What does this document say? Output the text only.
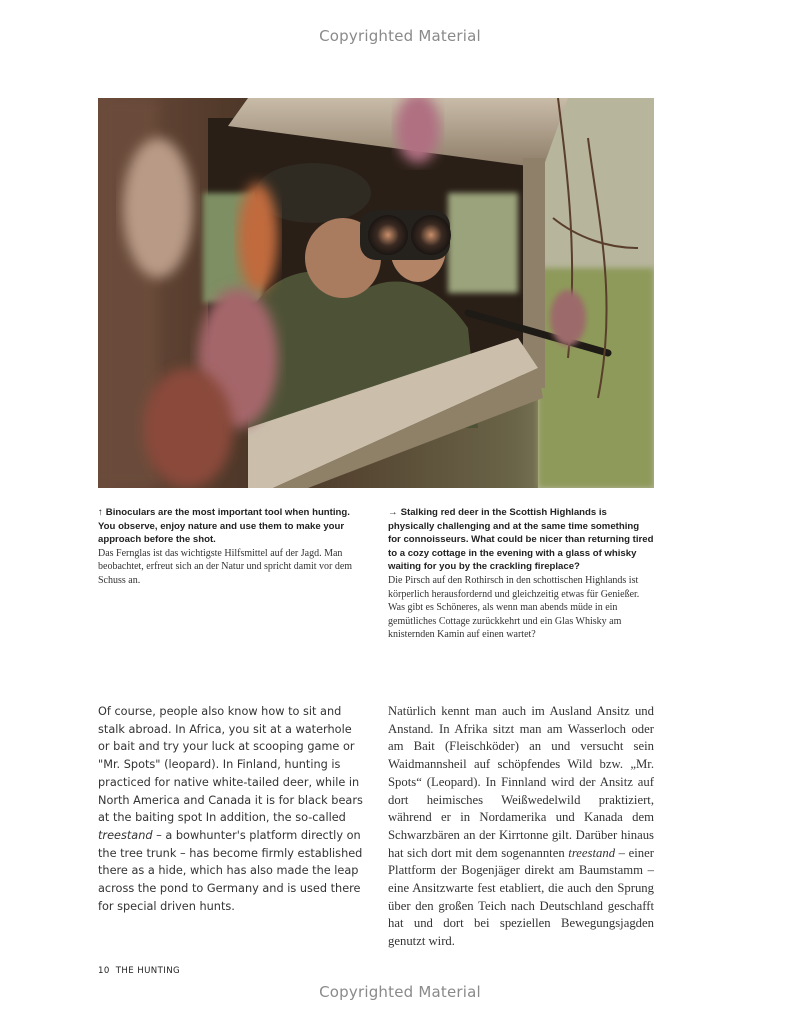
Copyrighted Material
↑ Binoculars are the most important tool when hunting. You observe, enjoy nature and use them to make your approach before the shot.
Das Fernglas ist das wichtigste Hilfsmittel auf der Jagd. Man beobachtet, erfreut sich an der Natur und spricht damit vor dem Schuss an.
→ Stalking red deer in the Scottish Highlands is physically challenging and at the same time something for connoisseurs. What could be nicer than returning tired to a cozy cottage in the evening with a glass of whisky waiting for you by the crackling fireplace?
Die Pirsch auf den Rothirsch in den schottischen Highlands ist körperlich herausfordernd und gleichzeitig etwas für Genießer. Was gibt es Schöneres, als wenn man abends müde in ein gemütliches Cottage zurückkehrt und ein Glas Whisky am knisternden Kamin auf einen wartet?

Of course, people also know how to sit and stalk abroad. In Africa, you sit at a waterhole or bait and try your luck at scooping game or "Mr. Spots" (leopard). In Finland, hunting is practiced for native white-tailed deer, while in North America and Canada it is for black bears at the baiting spot In addition, the so-called treestand – a bowhunter's platform directly on the tree trunk – has become firmly established there as a hide, which has also made the leap across the pond to Germany and is used there for special driven hunts.

Natürlich kennt man auch im Ausland Ansitz und Anstand. In Afrika sitzt man am Wasserloch oder am Bait (Fleischköder) an und versucht sein Waidmannsheil auf schöpfendes Wild bzw. „Mr. Spots“ (Leopard). In Finnland wird der Ansitz auf dort heimisches Weißwedelwild praktiziert, während er in Nordamerika und Kanada dem Schwarzbären an der Kirrtonne gilt. Darüber hinaus hat sich dort mit dem sogenannten treestand – einer Plattform der Bogenjäger direkt am Baumstamm – eine Ansitzwarte fest etabliert, die auch den Sprung über den großen Teich nach Deutschland geschafft hat und dort bei speziellen Bewegungsjagden genutzt wird.

10 THE HUNTING
Copyrighted Material
